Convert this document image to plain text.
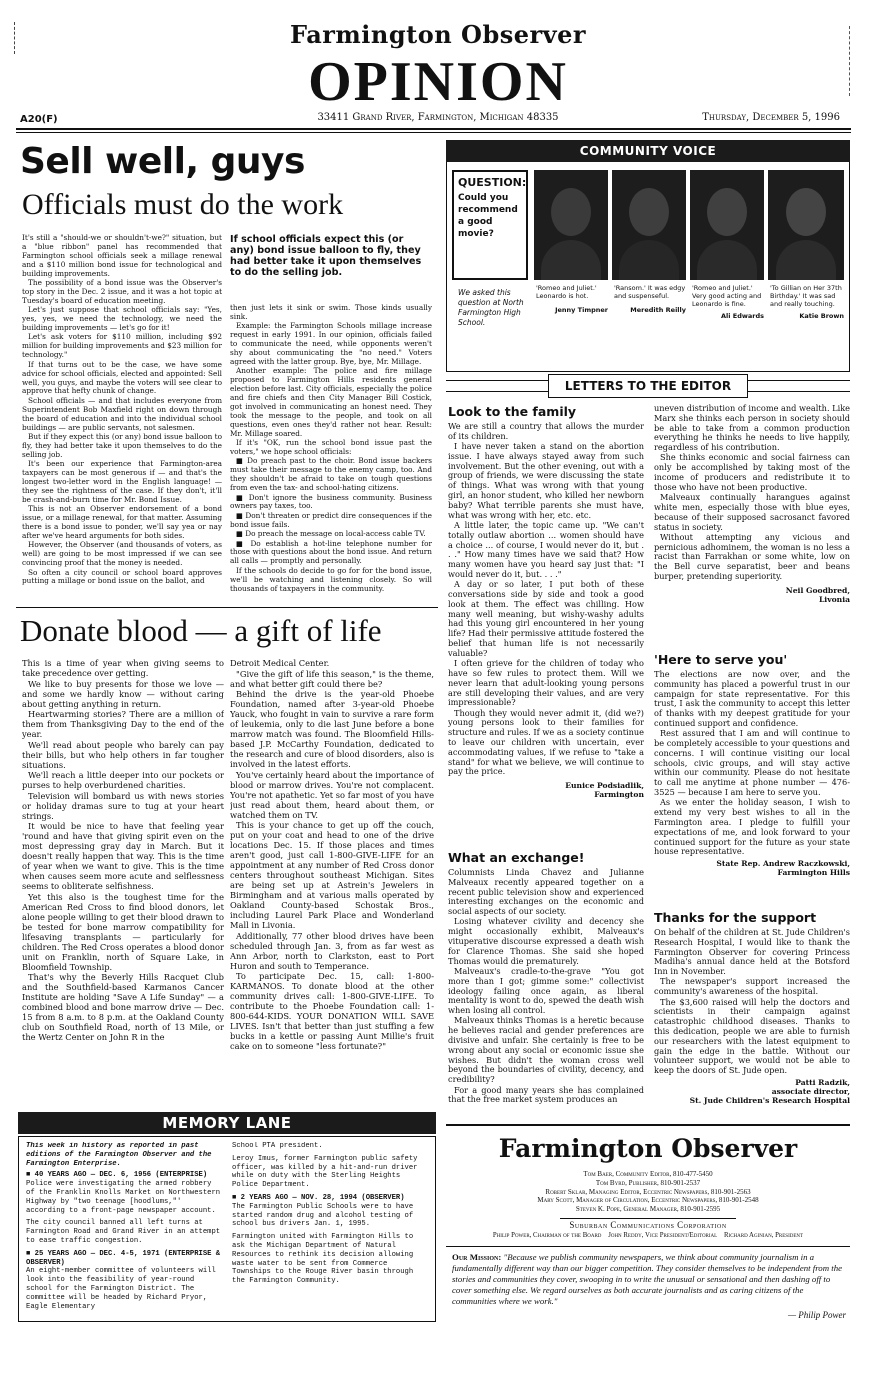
Farmington Observer
OPINION
A20(F)	33411 Grand River, Farmington, Michigan 48335	Thursday, December 5, 1996
Sell well, guys
Officials must do the work
It's still a "should-we or shouldn't-we?" situation, but a "blue ribbon" panel has recommended that Farmington school officials seek a millage renewal and a $110 million bond issue for technological and building improvements.
The possibility of a bond issue was the Observer's top story in the Dec. 2 issue, and it was a hot topic at Tuesday's board of education meeting.
Let's just suppose that school officials say: "Yes, yes, yes, we need the technology, we need the building improvements — let's go for it!
Let's ask voters for $110 million, including $92 million for building improvements and $23 million for technology."
If that turns out to be the case, we have some advice for school officials, elected and appointed: Sell well, you guys, and maybe the voters will see clear to approve that hefty chunk of change.
School officials — and that includes everyone from Superintendent Bob Maxfield right on down through the board of education and into the individual school buildings — are public servants, not salesmen.
But if they expect this (or any) bond issue balloon to fly, they had better take it upon themselves to do the selling job.
It's been our experience that Farmington-area taxpayers can be most generous if — and that's the longest two-letter word in the English language! — they see the rightness of the case. If they don't, it'll be crash-and-burn time for Mr. Bond Issue.
This is not an Observer endorsement of a bond issue, or a millage renewal, for that matter. Assuming there is a bond issue to ponder, we'll say yea or nay after we've heard arguments for both sides.
However, the Observer (and thousands of voters, as well) are going to be most impressed if we can see convincing proof that the money is needed.
So often a city council or school board approves putting a millage or bond issue on the ballot, and
If school officials expect this (or any) bond issue balloon to fly, they had better take it upon themselves to do the selling job.
then just lets it sink or swim. Those kinds usually sink.
Example: the Farmington Schools millage increase request in early 1991. In our opinion, officials failed to communicate the need, while opponents weren't shy about communicating the "no need." Voters agreed with the latter group. Bye, bye, Mr. Millage.
Another example: The police and fire millage proposed to Farmington Hills residents general election before last. City officials, especially the police and fire chiefs and then City Manager Bill Costick, got involved in communicating an honest need. They took the message to the people, and took on all questions, even ones they'd rather not hear. Result: Mr. Millage soared.
If it's "OK, run the school bond issue past the voters," we hope school officials:
■ Do preach past to the choir. Bond issue backers must take their message to the enemy camp, too. And they shouldn't be afraid to take on tough questions from even the tax- and school-hating citizens.
■ Don't ignore the business community. Business owners pay taxes, too.
■ Don't threaten or predict dire consequences if the bond issue fails.
■ Do preach the message on local-access cable TV.
■ Do establish a hot-line telephone number for those with questions about the bond issue. And return all calls — promptly and personally.
If the schools do decide to go for for the bond issue, we'll be watching and listening closely. So will thousands of taxpayers in the community.
Donate blood — a gift of life
This is a time of year when giving seems to take precedence over getting.
We like to buy presents for those we love — and some we hardly know — without caring about getting anything in return.
Heartwarming stories? There are a million of them from Thanksgiving Day to the end of the year.
We'll read about people who barely can pay their bills, but who help others in far tougher situations.
We'll reach a little deeper into our pockets or purses to help overburdened charities.
Television will bombard us with news stories or holiday dramas sure to tug at your heart strings.
It would be nice to have that feeling year 'round and have that giving spirit even on the most depressing gray day in March. But it doesn't really happen that way. This is the time of year when we want to give. This is the time when causes seem more acute and selflessness seems to obliterate selfishness.
Yet this also is the toughest time for the American Red Cross to find blood donors, let alone people willing to get their blood drawn to be tested for bone marrow compatibility for lifesaving transplants — particularly for children. The Red Cross operates a blood donor unit on Franklin, north of Square Lake, in Bloomfield Township.
That's why the Beverly Hills Racquet Club and the Southfield-based Karmanos Cancer Institute are holding "Save A Life Sunday" — a combined blood and bone marrow drive — Dec. 15 from 8 a.m. to 8 p.m. at the Oakland County club on Southfield Road, north of 13 Mile, or the Wertz Center on John R in the
Detroit Medical Center.
"Give the gift of life this season," is the theme, and what better gift could there be?
Behind the drive is the year-old Phoebe Foundation, named after 3-year-old Phoebe Yauck, who fought in vain to survive a rare form of leukemia, only to die last June before a bone marrow match was found. The Bloomfield Hills-based J.P. McCarthy Foundation, dedicated to the research and cure of blood disorders, also is involved in the latest efforts.
You've certainly heard about the importance of blood or marrow drives. You're not complacent. You're not apathetic. Yet so far most of you have just read about them, heard about them, or watched them on TV.
This is your chance to get up off the couch, put on your coat and head to one of the drive locations Dec. 15. If those places and times aren't good, just call 1-800-GIVE-LIFE for an appointment at any number of Red Cross donor centers throughout southeast Michigan. Sites are being set up at Astrein's Jewelers in Birmingham and at various malls operated by Oakland County-based Schostak Bros., including Laurel Park Place and Wonderland Mall in Livonia.
Additionally, 77 other blood drives have been scheduled through Jan. 3, from as far west as Ann Arbor, north to Clarkston, east to Port Huron and south to Temperance.
To participate Dec. 15, call: 1-800-KARMANOS. To donate blood at the other community drives call: 1-800-GIVE-LIFE. To contribute to the Phoebe Foundation call: 1-800-644-KIDS. YOUR DONATION WILL SAVE LIVES. Isn't that better than just stuffing a few bucks in a kettle or passing Aunt Millie's fruit cake on to someone "less fortunate?"
MEMORY LANE
This week in history as reported in past editions of the Farmington Observer and the Farmington Enterprise.
■ 40 YEARS AGO — DEC. 6, 1956 (ENTERPRISE)
Police were investigating the armed robbery of the Franklin Knolls Market on Northwestern Highway by "two teenage [hoodlums,"' according to a front-page newspaper account.
The city council banned all left turns at Farmington Road and Grand River in an attempt to ease traffic congestion.
■ 25 YEARS AGO — DEC. 4-5, 1971 (ENTERPRISE & OBSERVER)
An eight-member committee of volunteers will look into the feasibility of year-round school for the Farmington District. The committee will be headed by Richard Pryor, Eagle Elementary
School PTA president.
Leroy Imus, former Farmington public safety officer, was killed by a hit-and-run driver while on duty with the Sterling Heights Police Department.
■ 2 YEARS AGO — NOV. 28, 1994 (OBSERVER)
The Farmington Public Schools were to have started random drug and alcohol testing of school bus drivers Jan. 1, 1995.
Farmington united with Farmington Hills to ask the Michigan Department of Natural Resources to rethink its decision allowing waste water to be sent from Commerce Townships to the Rouge River basin through the Farmington Community.
COMMUNITY VOICE
QUESTION:
Could you recommend a good movie?
We asked this question at North Farmington High School.
'Romeo and Juliet.' Leonardo is hot.
Jenny Timpner
'Ransom.' It was edgy and suspenseful.
Meredith Reilly
'Romeo and Juliet.' Very good acting and Leonardo is fine.
Ali Edwards
'To Gillian on Her 37th Birthday.' It was sad and really touching.
Katie Brown
LETTERS TO THE EDITOR
Look to the family
We are still a country that allows the murder of its children.
I have never taken a stand on the abortion issue. I have always stayed away from such involvement. But the other evening, out with a group of friends, we were discussing the state of things. What was wrong with that young girl, an honor student, who killed her newborn baby? What terrible parents she must have, what was wrong with her, etc. etc.
A little later, the topic came up. "We can't totally outlaw abortion ... women should have a choice ... of course, I would never do it, but . . ." How many times have we said that? How many women have you heard say just that: "I would never do it, but. . . ."
A day or so later, I put both of these conversations side by side and took a good look at them. The effect was chilling. How many well meaning, but wishy-washy adults had this young girl encountered in her young life? Had their permissive attitude fostered the belief that human life is not necessarily valuable?
I often grieve for the children of today who have so few rules to protect them. Will we never learn that adult-looking young persons are still developing their values, and are very impressionable?
Though they would never admit it, (did we?) young persons look to their families for structure and rules. If we as a society continue to leave our children with uncertain, ever accommodating values, if we refuse to "take a stand" for what we believe, we will continue to pay the price.
Eunice Podsiadlik,
Farmington
What an exchange!
Columnists Linda Chavez and Julianne Malveaux recently appeared together on a recent public television show and experienced interesting exchanges on the economic and social aspects of our society.
Losing whatever civility and decency she might occasionally exhibit, Malveaux's vituperative discourse expressed a death wish for Clarence Thomas. She said she hoped Thomas would die prematurely.
Malveaux's cradle-to-the-grave "You got more than I got; gimme some:" collectivist ideology failing once again, as liberal mentality is wont to do, spewed the death wish when losing all control.
Malveaux thinks Thomas is a heretic because he believes racial and gender preferences are divisive and unfair. She certainly is free to be wrong about any social or economic issue she wishes. But didn't the woman cross well beyond the boundaries of civility, decency, and credibility?
For a good many years she has complained that the free market system produces an
uneven distribution of income and wealth. Like Marx she thinks each person in society should be able to take from a common production everything he thinks he needs to live happily, regardless of his contribution.
She thinks economic and social fairness can only be accomplished by taking most of the income of producers and redistribute it to those who have not been productive.
Malveaux continually harangues against white men, especially those with blue eyes, because of their supposed sacrosanct favored status in society.
Without attempting any vicious and pernicious adhominem, the woman is no less a racist than Farrakhan or some white, low on the Bell curve separatist, beer and beans burper, pretending superiority.
Neil Goodbred,
Livonia
'Here to serve you'
The elections are now over, and the community has placed a powerful trust in our campaign for state representative. For this trust, I ask the community to accept this letter of thanks with my deepest gratitude for your continued support and confidence.
Rest assured that I am and will continue to be completely accessible to your questions and concerns. I will continue visiting our local schools, civic groups, and will stay active within our community. Please do not hesitate to call me anytime at phone number — 476-3525 — because I am here to serve you.
As we enter the holiday season, I wish to extend my very best wishes to all in the Farmington area. I pledge to fulfill your expectations of me, and look forward to your continued support for the future as your state house representative.
State Rep. Andrew Raczkowski,
Farmington Hills
Thanks for the support
On behalf of the children at St. Jude Children's Research Hospital, I would like to thank the Farmington Observer for covering Princess Madiha's annual dance held at the Botsford Inn in November.
The newspaper's support increased the community's awareness of the hospital.
The $3,600 raised will help the doctors and scientists in their campaign against catastrophic childhood diseases. Thanks to this dedication, people we are able to furnish our researchers with the latest equipment to gain the edge in the battle. Without our volunteer support, we would not be able to keep the doors of St. Jude open.
Patti Radzik,
associate director,
St. Jude Children's Research Hospital
Farmington Observer
Tom Baer, Community Editor, 810-477-5450
Tom Byrd, Publisher, 810-901-2537
Robert Sklar, Managing Editor, Eccentric Newspapers, 810-901-2563
Mary Scott, Manager of Circulation, Eccentric Newspapers, 810-901-2548
Steven K. Pope, General Manager, 810-901-2595
Suburban Communications Corporation
Philip Power, Chairman of the Board    John Reddy, Vice President/Editorial    Richard Aginian, President
Our Mission: "Because we publish community newspapers, we think about community journalism in a fundamentally different way than our bigger competition. They consider themselves to be independent from the stories and communities they cover, swooping in to write the unusual or sensational and then dashing off to cover something else. We regard ourselves as both accurate journalists and as caring citizens of the communities where we work."
— Philip Power
